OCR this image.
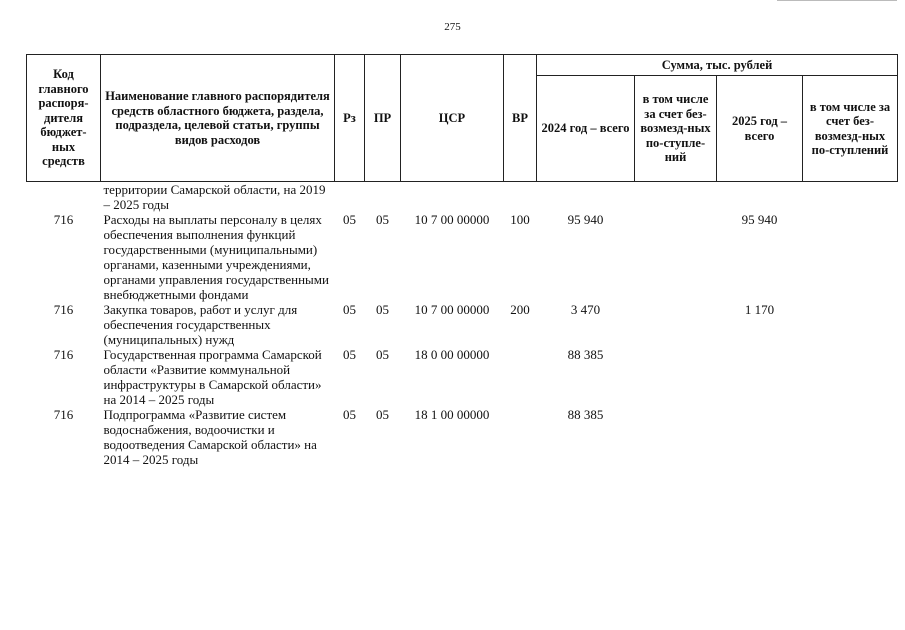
275
Код главного распоря-дителя бюджет-ных средств	Наименование главного распорядителя средств областного бюджета, раздела, подраздела, целевой статьи, группы видов расходов	Рз	ПР	ЦСР	ВР	Сумма, тыс. рублей			
						2024 год – всего	в том числе за счет без-возмезд-ных по-ступле-ний	2025 год – всего	в том числе за счет без-возмезд-ных по-ступлений
	территории Самарской области, на 2019 – 2025 годы								
716	Расходы на выплаты персоналу в целях обеспечения выполнения функций государственными (муниципальными) органами, казенными учреждениями, органами управления государственными внебюджетными фондами	05	05	10 7 00 00000	100	95 940		95 940	
716	Закупка товаров, работ и услуг для обеспечения государственных (муниципальных) нужд	05	05	10 7 00 00000	200	3 470		1 170	
716	Государственная программа Самарской области «Развитие коммунальной инфраструктуры в Самарской области» на 2014 – 2025 годы	05	05	18 0 00 00000		88 385			
716	Подпрограмма «Развитие систем водоснабжения, водоочистки и водоотведения Самарской области» на 2014 – 2025 годы	05	05	18 1 00 00000		88 385			
